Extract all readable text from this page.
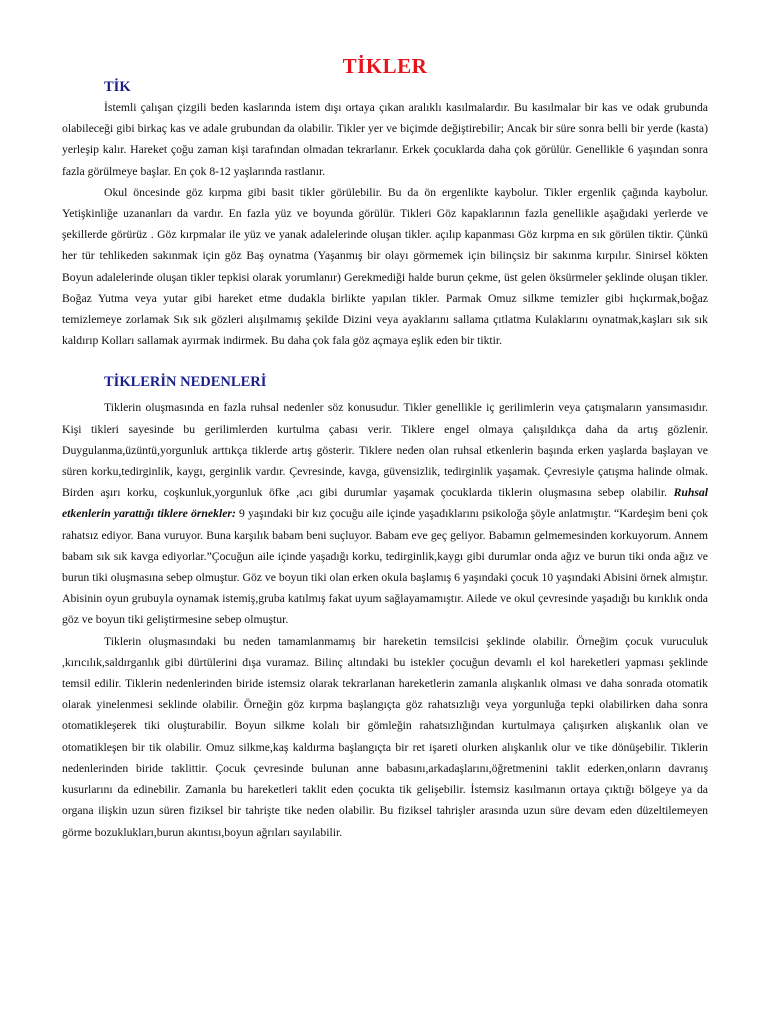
TİKLER
TİK

İstemli çalışan çizgili beden kaslarında istem dışı ortaya çıkan aralıklı kasılmalardır. Bu kasılmalar bir kas ve odak grubunda olabileceği gibi birkaç kas ve adale grubundan da olabilir. Tikler yer ve biçimde değiştirebilir; Ancak bir süre sonra belli bir yerde (kasta) yerleşip kalır. Hareket çoğu zaman kişi tarafından olmadan tekrarlanır. Erkek çocuklarda daha çok görülür. Genellikle 6 yaşından sonra fazla görülmeye başlar. En çok 8-12 yaşlarında rastlanır.

Okul öncesinde göz kırpma gibi basit tikler görülebilir. Bu da ön ergenlikte kaybolur. Tikler ergenlik çağında kaybolur. Yetişkinliğe uzananları da vardır. En fazla yüz ve boyunda görülür. Tikleri Göz kapaklarının fazla genellikle aşağıdaki yerlerde ve şekillerde görürüz . Göz kırpmalar ile yüz ve yanak adalelerinde oluşan tikler. açılıp kapanması Göz kırpma en sık görülen tiktir. Çünkü her tür tehlikeden sakınmak için göz Baş oynatma (Yaşanmış bir olayı görmemek için bilinçsiz bir sakınma kırpılır. Sinirsel kökten Boyun adalelerinde oluşan tikler tepkisi olarak yorumlanır) Gerekmediği halde burun çekme, üst gelen öksürmeler şeklinde oluşan tikler. Boğaz Yutma veya yutar gibi hareket etme dudakla birlikte yapılan tikler. Parmak Omuz silkme temizler gibi hıçkırmak,boğaz temizlemeye zorlamak Sık sık gözleri alışılmamış şekilde Dizini veya ayaklarını sallama çıtlatma Kulaklarını oynatmak,kaşları sık sık kaldırıp Kolları sallamak ayırmak indirmek. Bu daha çok fala göz açmaya eşlik eden bir tiktir.

TİKLERİN NEDENLERİ

Tiklerin oluşmasında en fazla ruhsal nedenler söz konusudur. Tikler genellikle iç gerilimlerin veya çatışmaların yansımasıdır. Kişi tikleri sayesinde bu gerilimlerden kurtulma çabası verir. Tiklere engel olmaya çalışıldıkça daha da artış gözlenir. Duygulanma,üzüntü,yorgunluk arttıkça tiklerde artış gösterir. Tiklere neden olan ruhsal etkenlerin başında erken yaşlarda başlayan ve süren korku,tedirginlik, kaygı, gerginlik vardır. Çevresinde, kavga, güvensizlik, tedirginlik yaşamak. Çevresiyle çatışma halinde olmak. Birden aşırı korku, coşkunluk,yorgunluk öfke ,acı gibi durumlar yaşamak çocuklarda tiklerin oluşmasına sebep olabilir. Ruhsal etkenlerin yarattığı tiklere örnekler: 9 yaşındaki bir kız çocuğu aile içinde yaşadıklarını psikoloğa şöyle anlatmıştır. “Kardeşim beni çok rahatsız ediyor. Bana vuruyor. Buna karşılık babam beni suçluyor. Babam eve geç geliyor. Babamın gelmemesinden korkuyorum. Annem babam sık sık kavga ediyorlar.”Çocuğun aile içinde yaşadığı korku, tedirginlik,kaygı gibi durumlar onda ağız ve burun tiki onda ağız ve burun tiki oluşmasına sebep olmuştur. Göz ve boyun tiki olan erken okula başlamış 6 yaşındaki çocuk 10 yaşındaki Abisini örnek almıştır. Abisinin oyun grubuyla oynamak istemiş,gruba katılmış fakat uyum sağlayamamıştır. Ailede ve okul çevresinde yaşadığı bu kırıklık onda göz ve boyun tiki geliştirmesine sebep olmuştur.

Tiklerin oluşmasındaki bu neden tamamlanmamış bir hareketin temsilcisi şeklinde olabilir. Örneğim çocuk vuruculuk ,kırıcılık,saldırganlık gibi dürtülerini dışa vuramaz. Bilinç altındaki bu istekler çocuğun devamlı el kol hareketleri yapması şeklinde temsil edilir. Tiklerin nedenlerinden biride istemsiz olarak tekrarlanan hareketlerin zamanla alışkanlık olması ve daha sonrada otomatik olarak yinelenmesi seklinde olabilir. Örneğin göz kırpma başlangıçta göz rahatsızlığı veya yorgunluğa tepki olabilirken daha sonra otomatikleşerek tiki oluşturabilir. Boyun silkme kolalı bir gömleğin rahatsızlığından kurtulmaya çalışırken alışkanlık olan ve otomatikleşen bir tik olabilir. Omuz silkme,kaş kaldırma başlangıçta bir ret işareti olurken alışkanlık olur ve tike dönüşebilir. Tiklerin nedenlerinden biride taklittir. Çocuk çevresinde bulunan anne babasını,arkadaşlarını,öğretmenini taklit ederken,onların davranış kusurlarını da edinebilir. Zamanla bu hareketleri taklit eden çocukta tik gelişebilir. İstemsiz kasılmanın ortaya çıktığı bölgeye ya da organa ilişkin uzun süren fiziksel bir tahrişte tike neden olabilir. Bu fiziksel tahrişler arasında uzun süre devam eden düzeltilemeyen görme bozuklukları,burun akıntısı,boyun ağrıları sayılabilir.
